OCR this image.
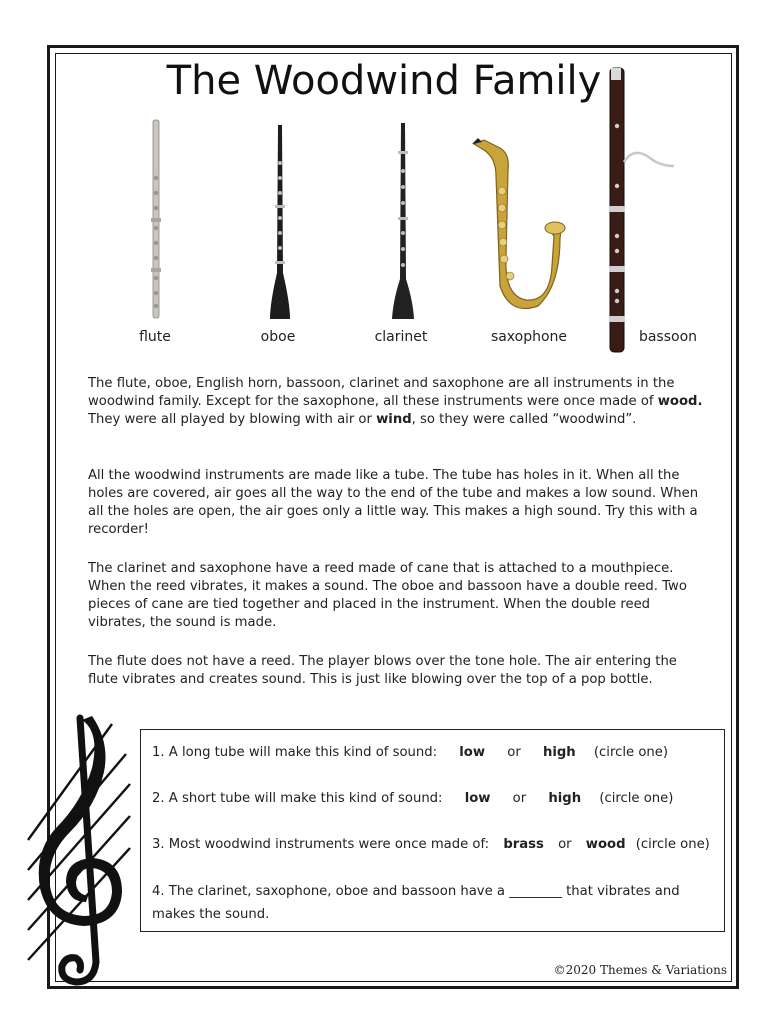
The Woodwind Family
flute	oboe	clarinet	saxophone	bassoon
The flute, oboe, English horn, bassoon, clarinet and saxophone are all instruments in the woodwind family. Except for the saxophone, all these instruments were once made of wood. They were all played by blowing with air or wind, so they were called “woodwind”.
All the woodwind instruments are made like a tube. The tube has holes in it. When all the holes are covered, air goes all the way to the end of the tube and makes a low sound. When all the holes are open, the air goes only a little way. This makes a high sound. Try this with a recorder!
The clarinet and saxophone have a reed made of cane that is attached to a mouthpiece. When the reed vibrates, it makes a sound. The oboe and bassoon have a double reed. Two pieces of cane are tied together and placed in the instrument. When the double reed vibrates, the sound is made.
The flute does not have a reed. The player blows over the tone hole. The air entering the flute vibrates and creates sound. This is just like blowing over the top of a pop bottle.
1. A long tube will make this kind of sound: low or high (circle one)
2. A short tube will make this kind of sound: low or high (circle one)
3. Most woodwind instruments were once made of: brass or wood (circle one)
4. The clarinet, saxophone, oboe and bassoon have a ________ that vibrates and
makes the sound.
©2020 Themes & Variations
